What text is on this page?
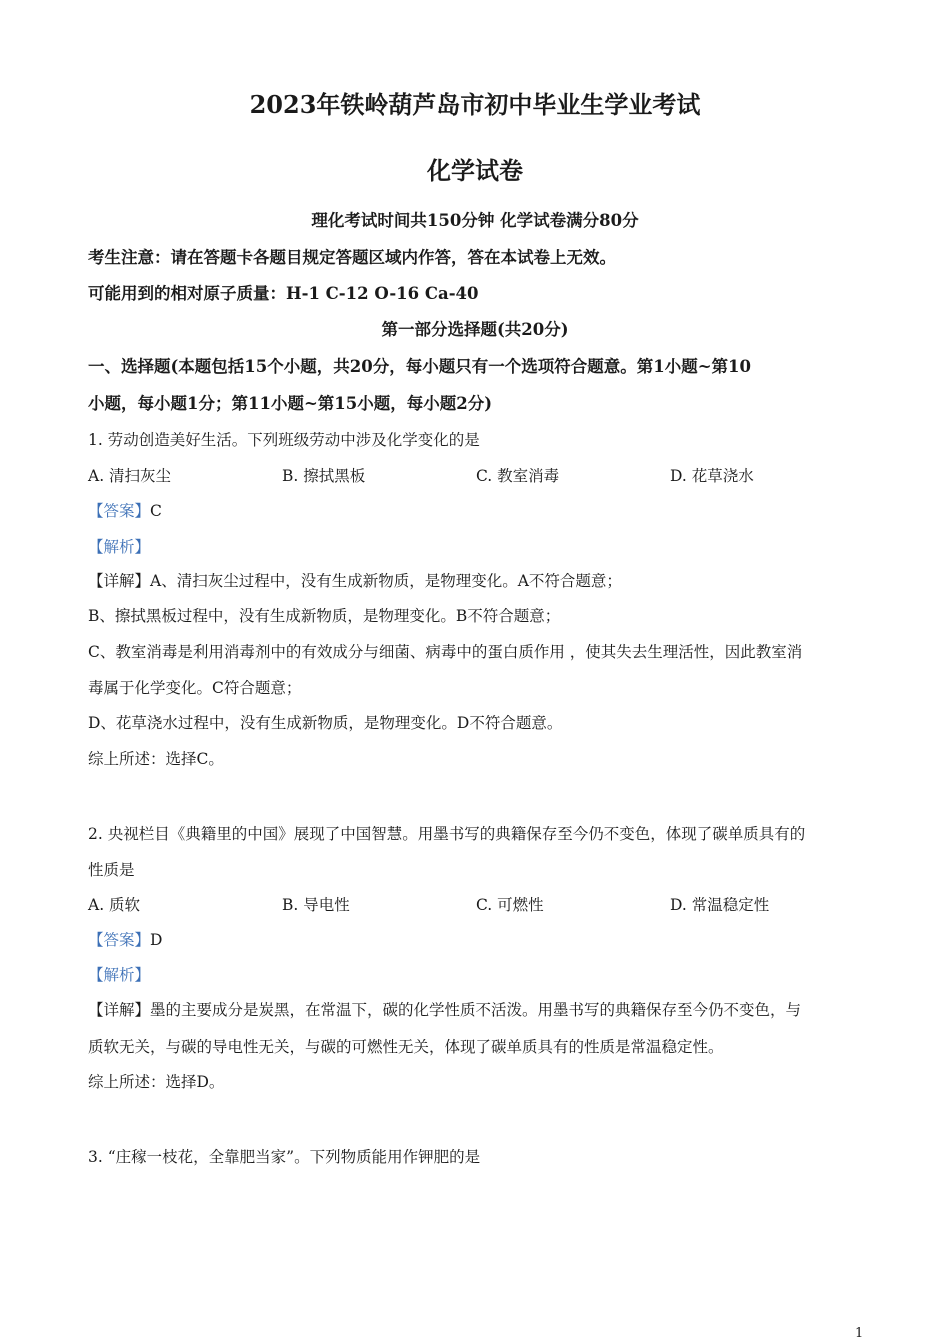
2023年铁岭葫芦岛市初中毕业生学业考试
化学试卷
理化考试时间共150分钟 化学试卷满分80分
考生注意：请在答题卡各题目规定答题区域内作答，答在本试卷上无效。
可能用到的相对原子质量：H-1 C-12 O-16 Ca-40
第一部分选择题(共20分)
一、选择题(本题包括15个小题，共20分，每小题只有一个选项符合题意。第1小题~第10
小题，每小题1分；第11小题~第15小题，每小题2分)
1. 劳动创造美好生活。下列班级劳动中涉及化学变化的是
A. 清扫灰尘	B. 擦拭黑板	C. 教室消毒	D. 花草浇水
【答案】C
【解析】
【详解】A、清扫灰尘过程中，没有生成新物质，是物理变化。A不符合题意；
B、擦拭黑板过程中，没有生成新物质，是物理变化。B不符合题意；
C、教室消毒是利用消毒剂中的有效成分与细菌、病毒中的蛋白质作用 ，使其失去生理活性，因此教室消
毒属于化学变化。C符合题意；
D、花草浇水过程中，没有生成新物质，是物理变化。D不符合题意。
综上所述：选择C。
2. 央视栏目《典籍里的中国》展现了中国智慧。用墨书写的典籍保存至今仍不变色，体现了碳单质具有的
性质是
A. 质软	B. 导电性	C. 可燃性	D. 常温稳定性
【答案】D
【解析】
【详解】墨的主要成分是炭黑，在常温下，碳的化学性质不活泼。用墨书写的典籍保存至今仍不变色，与
质软无关，与碳的导电性无关，与碳的可燃性无关，体现了碳单质具有的性质是常温稳定性。
综上所述：选择D。
3. “庄稼一枝花，全靠肥当家”。下列物质能用作钾肥的是
1
